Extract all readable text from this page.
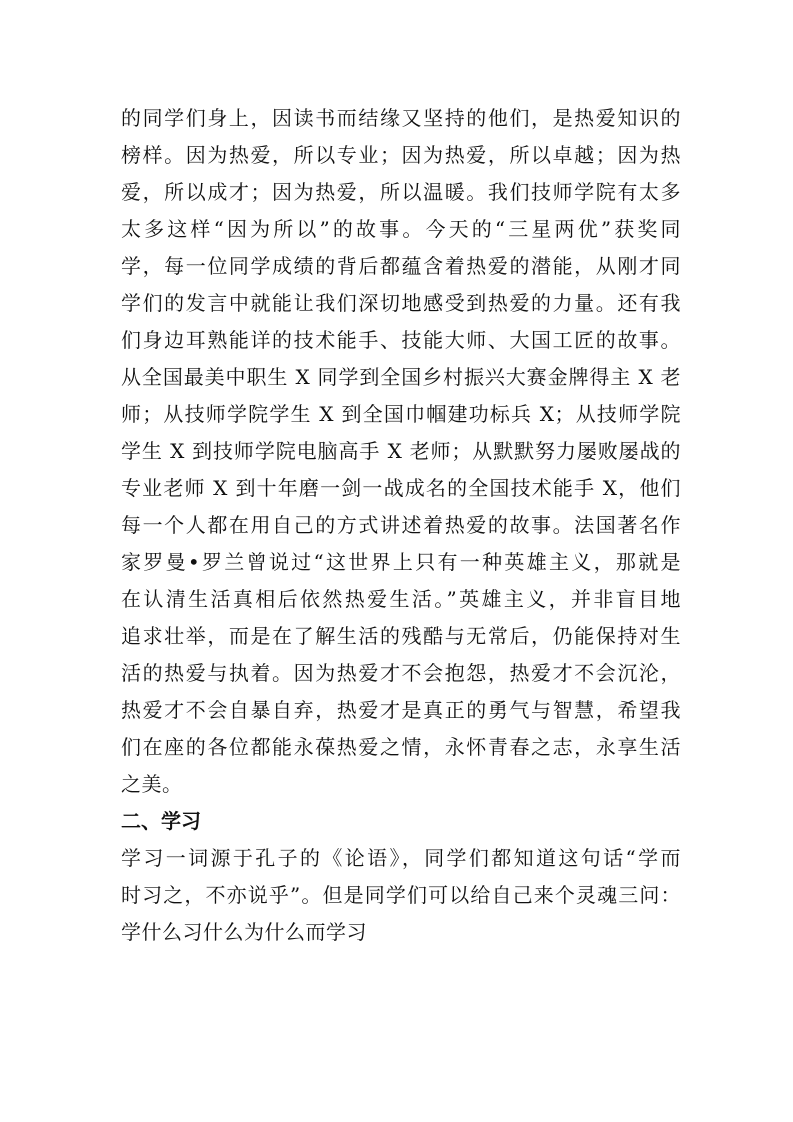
的同学们身上，因读书而结缘又坚持的他们，是热爱知识的
榜样。因为热爱，所以专业；因为热爱，所以卓越；因为热
爱，所以成才；因为热爱，所以温暖。我们技师学院有太多
太多这样“因为所以”的故事。今天的“三星两优”获奖同
学，每一位同学成绩的背后都蕴含着热爱的潜能，从刚才同
学们的发言中就能让我们深切地感受到热爱的力量。还有我
们身边耳熟能详的技术能手、技能大师、大国工匠的故事。
从全国最美中职生 X 同学到全国乡村振兴大赛金牌得主 X 老
师；从技师学院学生 X 到全国巾帼建功标兵 X；从技师学院
学生 X 到技师学院电脑高手 X 老师；从默默努力屡败屡战的
专业老师 X 到十年磨一剑一战成名的全国技术能手 X，他们
每一个人都在用自己的方式讲述着热爱的故事。法国著名作
家罗曼•罗兰曾说过“这世界上只有一种英雄主义，那就是
在认清生活真相后依然热爱生活。”英雄主义，并非盲目地
追求壮举，而是在了解生活的残酷与无常后，仍能保持对生
活的热爱与执着。因为热爱才不会抱怨，热爱才不会沉沦，
热爱才不会自暴自弃，热爱才是真正的勇气与智慧，希望我
们在座的各位都能永葆热爱之情，永怀青春之志，永享生活
之美。
二、学习
学习一词源于孔子的《论语》，同学们都知道这句话“学而
时习之，不亦说乎”。但是同学们可以给自己来个灵魂三问：
学什么习什么为什么而学习
